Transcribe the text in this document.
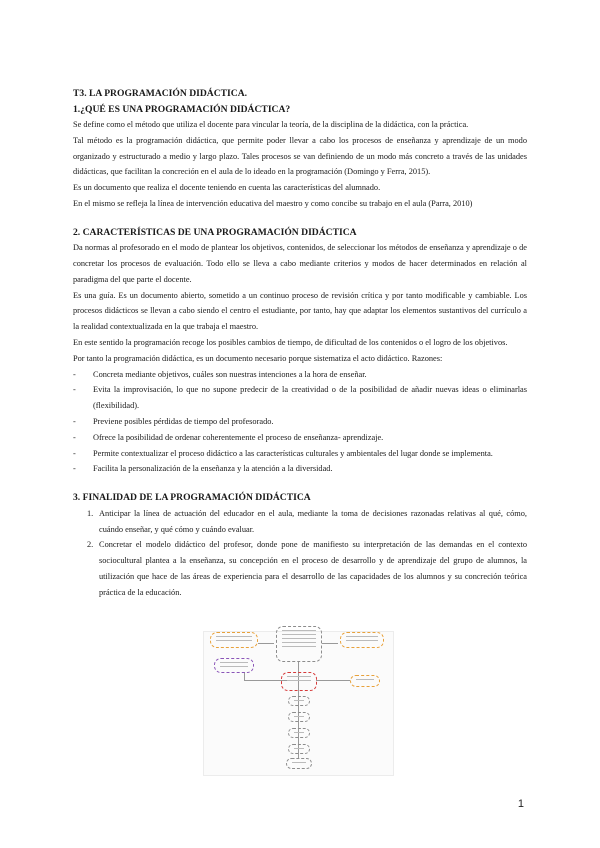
T3. LA PROGRAMACIÓN DIDÁCTICA.

1.¿QUÉ ES UNA PROGRAMACIÓN DIDÁCTICA?

Se define como el método que utiliza el docente para vincular la teoría, de la disciplina de la didáctica, con la práctica.

Tal método es la programación didáctica, que permite poder llevar a cabo los procesos de enseñanza y aprendizaje de un modo organizado y estructurado a medio y largo plazo. Tales procesos se van definiendo de un modo más concreto a través de las unidades didácticas, que facilitan la concreción en el aula de lo ideado en la programación (Domingo y Ferra, 2015).

Es un documento que realiza el docente teniendo en cuenta las características del alumnado.

En el mismo se refleja la línea de intervención educativa del maestro y como concibe su trabajo en el aula (Parra, 2010)

2. CARACTERÍSTICAS DE UNA PROGRAMACIÓN DIDÁCTICA

Da normas al profesorado en el modo de plantear los objetivos, contenidos, de seleccionar los métodos de enseñanza y aprendizaje o de concretar los procesos de evaluación. Todo ello se lleva a cabo mediante criterios y modos de hacer determinados en relación al paradigma del que parte el docente.

Es una guía. Es un documento abierto, sometido a un continuo proceso de revisión crítica y por tanto modificable y cambiable. Los procesos didácticos se llevan a cabo siendo el centro el estudiante, por tanto, hay que adaptar los elementos sustantivos del currículo a la realidad contextualizada en la que trabaja el maestro.

En este sentido la programación recoge los posibles cambios de tiempo, de dificultad de los contenidos o el logro de los objetivos.

Por tanto la programación didáctica, es un documento necesario porque sistematiza el acto didáctico. Razones:

- Concreta mediante objetivos, cuáles son nuestras intenciones a la hora de enseñar.
- Evita la improvisación, lo que no supone predecir de la creatividad o de la posibilidad de añadir nuevas ideas o eliminarlas (flexibilidad).
- Previene posibles pérdidas de tiempo del profesorado.
- Ofrece la posibilidad de ordenar coherentemente el proceso de enseñanza- aprendizaje.
- Permite contextualizar el proceso didáctico a las características culturales y ambientales del lugar donde se implementa.
- Facilita la personalización de la enseñanza y la atención a la diversidad.

3. FINALIDAD DE LA PROGRAMACIÓN DIDÁCTICA

1. Anticipar la línea de actuación del educador en el aula, mediante la toma de decisiones razonadas relativas al qué, cómo, cuándo enseñar, y qué cómo y cuándo evaluar.
2. Concretar el modelo didáctico del profesor, donde pone de manifiesto su interpretación de las demandas en el contexto sociocultural plantea a la enseñanza, su concepción en el proceso de desarrollo y de aprendizaje del grupo de alumnos, la utilización que hace de las áreas de experiencia para el desarrollo de las capacidades de los alumnos y su concreción teórica práctica de la educación.
1
